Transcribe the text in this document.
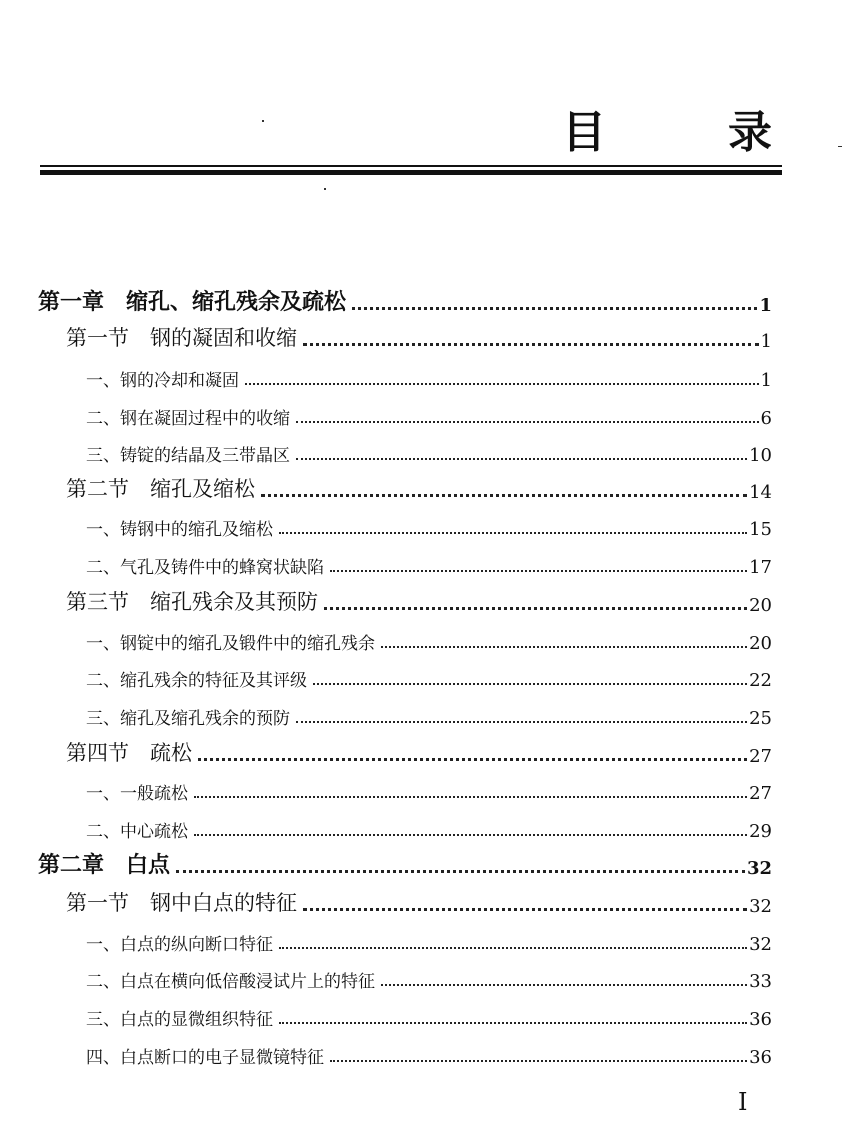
目	录
第一章　缩孔、缩孔残余及疏松	1
第一节　钢的凝固和收缩	1
一、钢的冷却和凝固	1
二、钢在凝固过程中的收缩	6
三、铸锭的结晶及三带晶区	10
第二节　缩孔及缩松	14
一、铸钢中的缩孔及缩松	15
二、气孔及铸件中的蜂窝状缺陷	17
第三节　缩孔残余及其预防	20
一、钢锭中的缩孔及锻件中的缩孔残余	20
二、缩孔残余的特征及其评级	22
三、缩孔及缩孔残余的预防	25
第四节　疏松	27
一、一般疏松	27
二、中心疏松	29
第二章　白点	32
第一节　钢中白点的特征	32
一、白点的纵向断口特征	32
二、白点在横向低倍酸浸试片上的特征	33
三、白点的显微组织特征	36
四、白点断口的电子显微镜特征	36
I
